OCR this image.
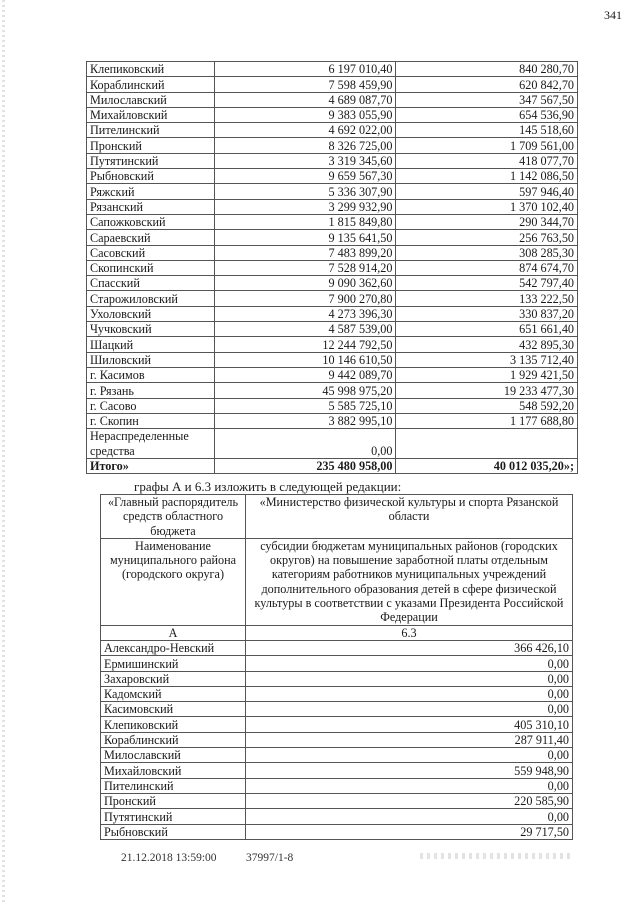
341
Клепиковский	6 197 010,40	840 280,70
Кораблинский	7 598 459,90	620 842,70
Милославский	4 689 087,70	347 567,50
Михайловский	9 383 055,90	654 536,90
Пителинский	4 692 022,00	145 518,60
Пронский	8 326 725,00	1 709 561,00
Путятинский	3 319 345,60	418 077,70
Рыбновский	9 659 567,30	1 142 086,50
Ряжский	5 336 307,90	597 946,40
Рязанский	3 299 932,90	1 370 102,40
Сапожковский	1 815 849,80	290 344,70
Сараевский	9 135 641,50	256 763,50
Сасовский	7 483 899,20	308 285,30
Скопинский	7 528 914,20	874 674,70
Спасский	9 090 362,60	542 797,40
Старожиловский	7 900 270,80	133 222,50
Ухоловский	4 273 396,30	330 837,20
Чучковский	4 587 539,00	651 661,40
Шацкий	12 244 792,50	432 895,30
Шиловский	10 146 610,50	3 135 712,40
г. Касимов	9 442 089,70	1 929 421,50
г. Рязань	45 998 975,20	19 233 477,30
г. Сасово	5 585 725,10	548 592,20
г. Скопин	3 882 995,10	1 177 688,80
Нераспределенные средства	0,00	
Итого»	235 480 958,00	40 012 035,20»;
графы А и 6.3 изложить в следующей редакции:
«Главный распорядитель средств областного бюджета	«Министерство физической культуры и спорта Рязанской области
Наименование муниципального района (городского округа)	субсидии бюджетам муниципальных районов (городских округов) на повышение заработной платы отдельным категориям работников муниципальных учреждений дополнительного образования детей в сфере физической культуры в соответствии с указами Президента Российской Федерации
А	6.3
Александро-Невский	366 426,10
Ермишинский	0,00
Захаровский	0,00
Кадомский	0,00
Касимовский	0,00
Клепиковский	405 310,10
Кораблинский	287 911,40
Милославский	0,00
Михайловский	559 948,90
Пителинский	0,00
Пронский	220 585,90
Путятинский	0,00
Рыбновский	29 717,50
21.12.2018 13:59:00	37997/1-8
